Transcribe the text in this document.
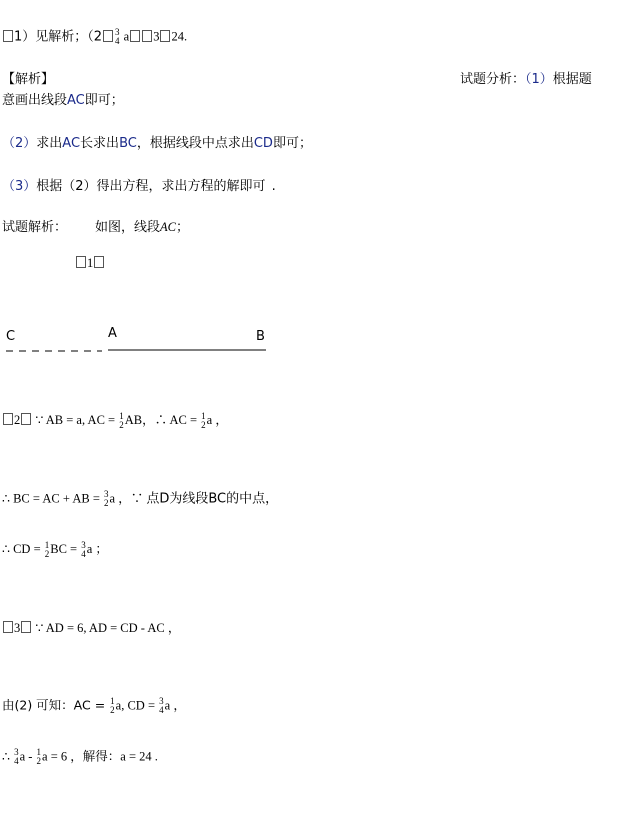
1）见解析；（2 3
4 a 3 24.
【解析】	试题分析：（1）根据题
意画出线段AC即可；
（2）求出AC长求出BC，根据线段中点求出CD即可；
（3）根据（2）得出方程，求出方程的解即可 .
试题解析： 如图，线段AC；
1
C	A	B
2 ∵ AB = a, AC = 1
2 AB，∴ AC = 1
2 a ，
∴ BC = AC + AB = 3
2 a ，∵ 点D为线段BC的中点，
∴ CD = 1
2 BC = 3
4 a ；
3 ∵ AD = 6, AD = CD - AC ，
由(2) 可知：AC = 1
2 a, CD = 3
4 a ，
∴ 3
4 a - 1
2 a = 6 ，解得：a = 24 .
